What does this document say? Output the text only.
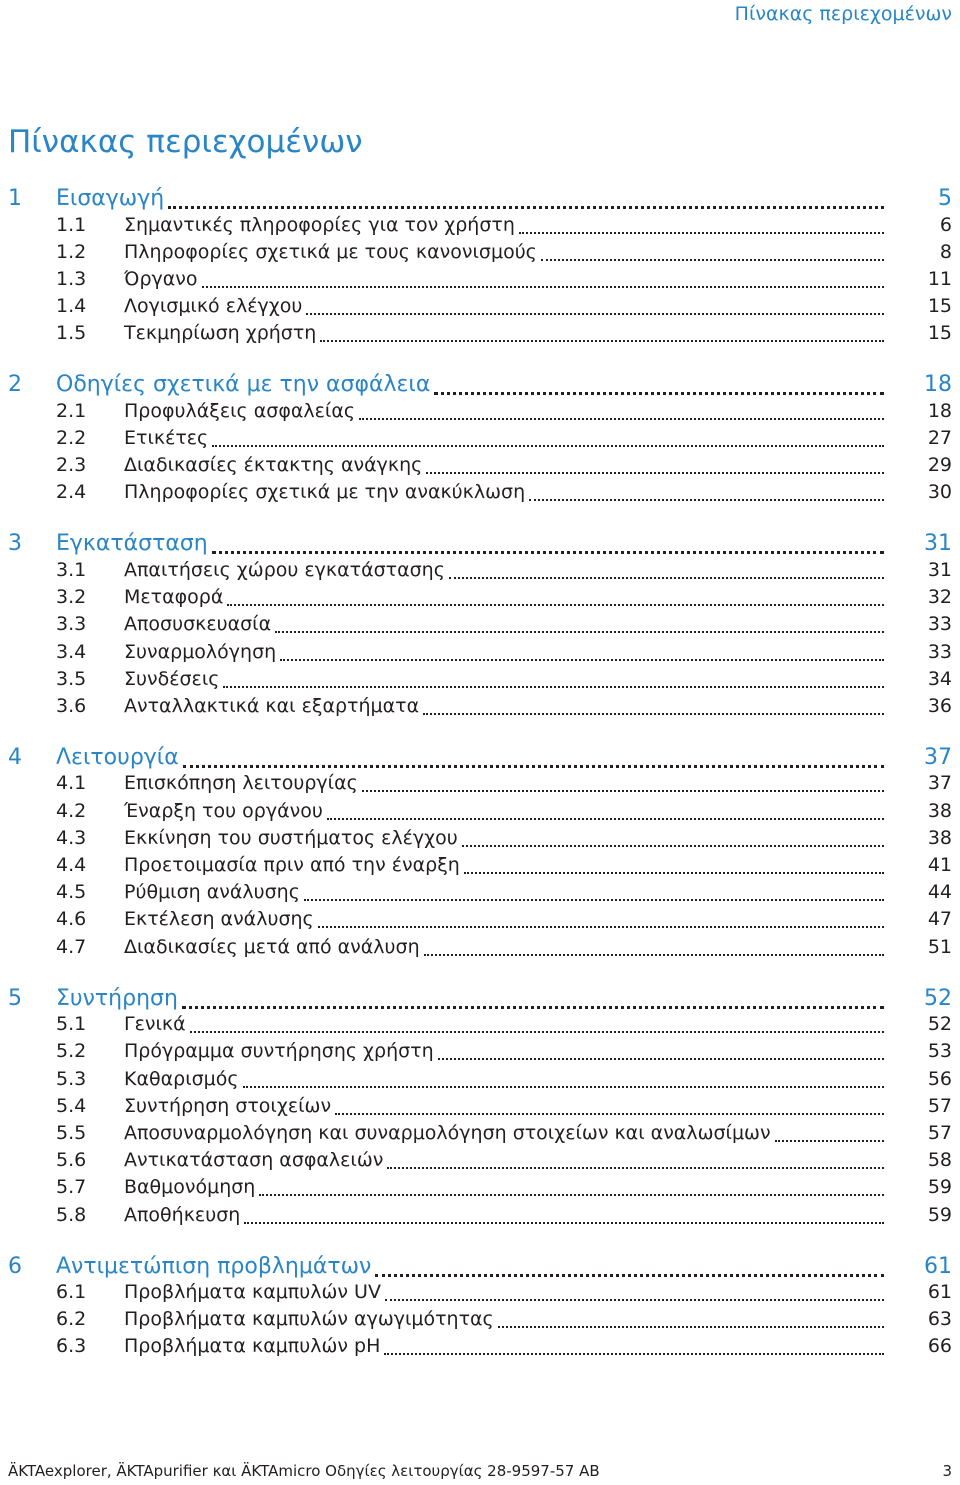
Πίνακας περιεχομένων
Πίνακας περιεχομένων
1 Εισαγωγή	5
1.1 Σημαντικές πληροφορίες για τον χρήστη	6
1.2 Πληροφορίες σχετικά με τους κανονισμούς	8
1.3 Όργανο	11
1.4 Λογισμικό ελέγχου	15
1.5 Τεκμηρίωση χρήστη	15
2 Οδηγίες σχετικά με την ασφάλεια	18
2.1 Προφυλάξεις ασφαλείας	18
2.2 Ετικέτες	27
2.3 Διαδικασίες έκτακτης ανάγκης	29
2.4 Πληροφορίες σχετικά με την ανακύκλωση	30
3 Εγκατάσταση	31
3.1 Απαιτήσεις χώρου εγκατάστασης	31
3.2 Μεταφορά	32
3.3 Αποσυσκευασία	33
3.4 Συναρμολόγηση	33
3.5 Συνδέσεις	34
3.6 Ανταλλακτικά και εξαρτήματα	36
4 Λειτουργία	37
4.1 Επισκόπηση λειτουργίας	37
4.2 Έναρξη του οργάνου	38
4.3 Εκκίνηση του συστήματος ελέγχου	38
4.4 Προετοιμασία πριν από την έναρξη	41
4.5 Ρύθμιση ανάλυσης	44
4.6 Εκτέλεση ανάλυσης	47
4.7 Διαδικασίες μετά από ανάλυση	51
5 Συντήρηση	52
5.1 Γενικά	52
5.2 Πρόγραμμα συντήρησης χρήστη	53
5.3 Καθαρισμός	56
5.4 Συντήρηση στοιχείων	57
5.5 Αποσυναρμολόγηση και συναρμολόγηση στοιχείων και αναλωσίμων	57
5.6 Αντικατάσταση ασφαλειών	58
5.7 Βαθμονόμηση	59
5.8 Αποθήκευση	59
6 Αντιμετώπιση προβλημάτων	61
6.1 Προβλήματα καμπυλών UV	61
6.2 Προβλήματα καμπυλών αγωγιμότητας	63
6.3 Προβλήματα καμπυλών pH	66
ÄKTAexplorer, ÄKTApurifier και ÄKTAmicro Οδηγίες λειτουργίας 28-9597-57 AB	3
